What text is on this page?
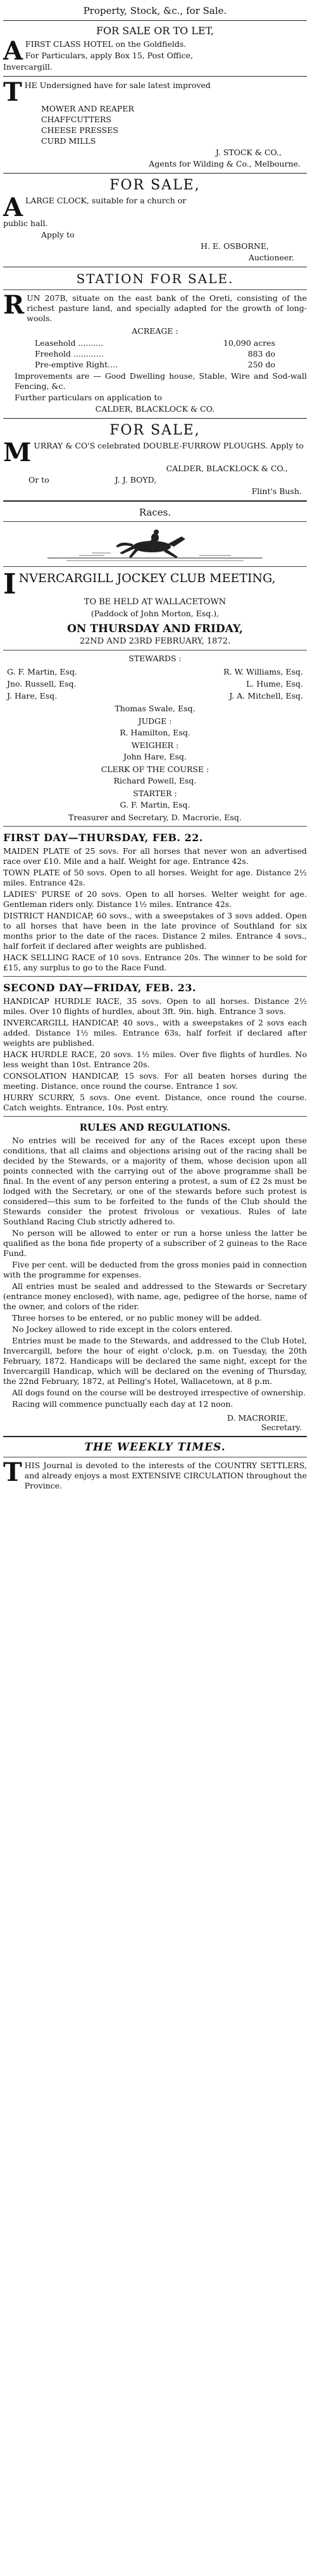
Property, Stock, &c., for Sale.
FOR SALE OR TO LET,
A FIRST CLASS HOTEL on the Goldfields.
For Particulars, apply Box 15, Post Office,
Invercargill.
T HE Undersigned have for sale latest improved
MOWER AND REAPER
CHAFFCUTTERS
CHEESE PRESSES
CURD MILLS
J. STOCK & CO.,
Agents for Wilding & Co., Melbourne.
FOR SALE,
A LARGE CLOCK, suitable for a church or
public hall.
Apply to
H. E. OSBORNE,
Auctioneer.
STATION FOR SALE.
R UN 207B, situate on the east bank of the Oreti, consisting of the richest pasture land, and specially adapted for the growth of long-wools.
ACREAGE :
Leasehold ..........	10,090 acres
Freehold ............	883 do
Pre-emptive Right....	250 do
Improvements are — Good Dwelling house, Stable, Wire and Sod-wall Fencing, &c.
Further particulars on application to
CALDER, BLACKLOCK & CO.
FOR SALE,
M URRAY & CO'S celebrated DOUBLE-FURROW PLOUGHS. Apply to
CALDER, BLACKLOCK & CO.,
Or to	J. J. BOYD,
Flint's Bush.
Races.
I NVERCARGILL JOCKEY CLUB MEETING,
TO BE HELD AT WALLACETOWN
(Paddock of John Morton, Esq.),
ON THURSDAY AND FRIDAY,
22ND AND 23RD FEBRUARY, 1872.
STEWARDS :
G. F. Martin, Esq.	R. W. Williams, Esq.
Jno. Russell, Esq.	L. Hume, Esq.
J. Hare, Esq.	J. A. Mitchell, Esq.
Thomas Swale, Esq.
JUDGE :
R. Hamilton, Esq.
WEIGHER :
John Hare, Esq.
CLERK OF THE COURSE :
Richard Powell, Esq.
STARTER :
G. F. Martin, Esq.
Treasurer and Secretary, D. Macrorie, Esq.
FIRST DAY—THURSDAY, FEB. 22.
MAIDEN PLATE of 25 sovs. For all horses that never won an advertised race over £10. Mile and a half. Weight for age. Entrance 42s.
TOWN PLATE of 50 sovs. Open to all horses. Weight for age. Distance 2½ miles. Entrance 42s.
LADIES' PURSE of 20 sovs. Open to all horses. Welter weight for age. Gentleman riders only. Distance 1½ miles. Entrance 42s.
DISTRICT HANDICAP, 60 sovs., with a sweepstakes of 3 sovs added. Open to all horses that have been in the late province of Southland for six months prior to the date of the races. Distance 2 miles. Entrance 4 sovs., half forfeit if declared after weights are published.
HACK SELLING RACE of 10 sovs. Entrance 20s. The winner to be sold for £15, any surplus to go to the Race Fund.
SECOND DAY—FRIDAY, FEB. 23.
HANDICAP HURDLE RACE, 35 sovs. Open to all horses. Distance 2½ miles. Over 10 flights of hurdles, about 3ft. 9in. high. Entrance 3 sovs.
INVERCARGILL HANDICAP, 40 sovs., with a sweepstakes of 2 sovs each added. Distance 1½ miles. Entrance 63s, half forfeit if declared after weights are published.
HACK HURDLE RACE, 20 sovs. 1½ miles. Over five flights of hurdles. No less weight than 10st. Entrance 20s.
CONSOLATION HANDICAP, 15 sovs. For all beaten horses during the meeting. Distance, once round the course. Entrance 1 sov.
HURRY SCURRY, 5 sovs. One event. Distance, once round the course. Catch weights. Entrance, 10s. Post entry.
RULES AND REGULATIONS.
No entries will be received for any of the Races except upon these conditions, that all claims and objections arising out of the racing shall be decided by the Stewards, or a majority of them, whose decision upon all points connected with the carrying out of the above programme shall be final. In the event of any person entering a protest, a sum of £2 2s must be lodged with the Secretary, or one of the stewards before such protest is considered—this sum to be forfeited to the funds of the Club should the Stewards consider the protest frivolous or vexatious. Rules of late Southland Racing Club strictly adhered to.
No person will be allowed to enter or run a horse unless the latter be qualified as the bona fide property of a subscriber of 2 guineas to the Race Fund.
Five per cent. will be deducted from the gross monies paid in connection with the programme for expenses.
All entries must be sealed and addressed to the Stewards or Secretary (entrance money enclosed), with name, age, pedigree of the horse, name of the owner, and colors of the rider.
Three horses to be entered, or no public money will be added.
No Jockey allowed to ride except in the colors entered.
Entries must be made to the Stewards, and addressed to the Club Hotel, Invercargill, before the hour of eight o'clock, p.m. on Tuesday, the 20th February, 1872. Handicaps will be declared the same night, except for the Invercargill Handicap, which will be declared on the evening of Thursday, the 22nd February, 1872, at Pelling's Hotel, Wallacetown, at 8 p.m.
All dogs found on the course will be destroyed irrespective of ownership.
Racing will commence punctually each day at 12 noon.
D. MACRORIE,
Secretary.
THE WEEKLY TIMES.
T HIS Journal is devoted to the interests of the COUNTRY SETTLERS, and already enjoys a most EXTENSIVE CIRCULATION throughout the Province.
